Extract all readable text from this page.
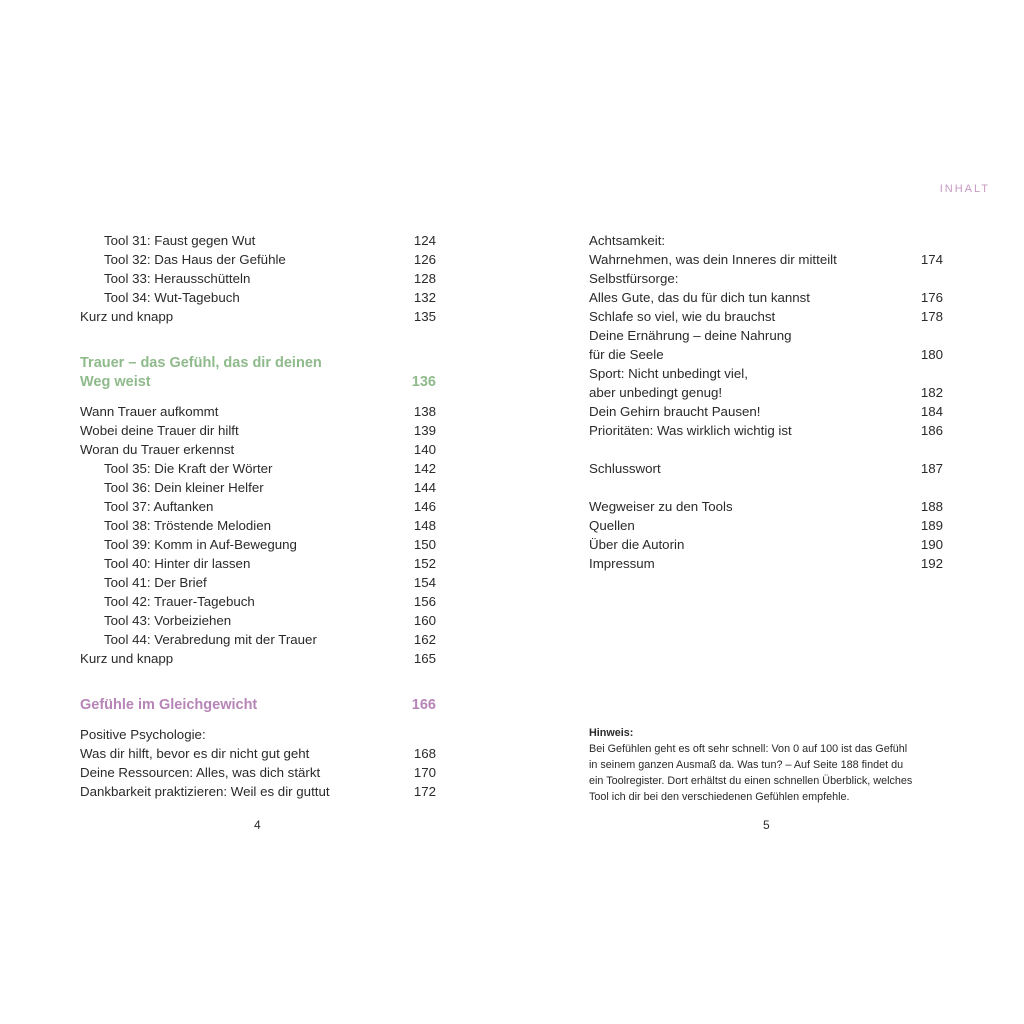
Tool 31: Faust gegen Wut	124
Tool 32: Das Haus der Gefühle	126
Tool 33: Herausschütteln	128
Tool 34: Wut-Tagebuch	132
Kurz und knapp	135
Trauer – das Gefühl, das dir deinen
Weg weist	136
Wann Trauer aufkommt	138
Wobei deine Trauer dir hilft	139
Woran du Trauer erkennst	140
Tool 35: Die Kraft der Wörter	142
Tool 36: Dein kleiner Helfer	144
Tool 37: Auftanken	146
Tool 38: Tröstende Melodien	148
Tool 39: Komm in Auf-Bewegung	150
Tool 40: Hinter dir lassen	152
Tool 41: Der Brief	154
Tool 42: Trauer-Tagebuch	156
Tool 43: Vorbeiziehen	160
Tool 44: Verabredung mit der Trauer	162
Kurz und knapp	165
Gefühle im Gleichgewicht	166
Positive Psychologie:
Was dir hilft, bevor es dir nicht gut geht	168
Deine Ressourcen: Alles, was dich stärkt	170
Dankbarkeit praktizieren: Weil es dir guttut	172
4
INHALT
Achtsamkeit:
Wahrnehmen, was dein Inneres dir mitteilt	174
Selbstfürsorge:
Alles Gute, das du für dich tun kannst	176
Schlafe so viel, wie du brauchst	178
Deine Ernährung – deine Nahrung
für die Seele	180
Sport: Nicht unbedingt viel,
aber unbedingt genug!	182
Dein Gehirn braucht Pausen!	184
Prioritäten: Was wirklich wichtig ist	186
Schlusswort	187
Wegweiser zu den Tools	188
Quellen	189
Über die Autorin	190
Impressum	192
Hinweis:
Bei Gefühlen geht es oft sehr schnell: Von 0 auf 100 ist das Gefühl
in seinem ganzen Ausmaß da. Was tun? – Auf Seite 188 findet du
ein Toolregister. Dort erhältst du einen schnellen Überblick, welches
Tool ich dir bei den verschiedenen Gefühlen empfehle.
5
